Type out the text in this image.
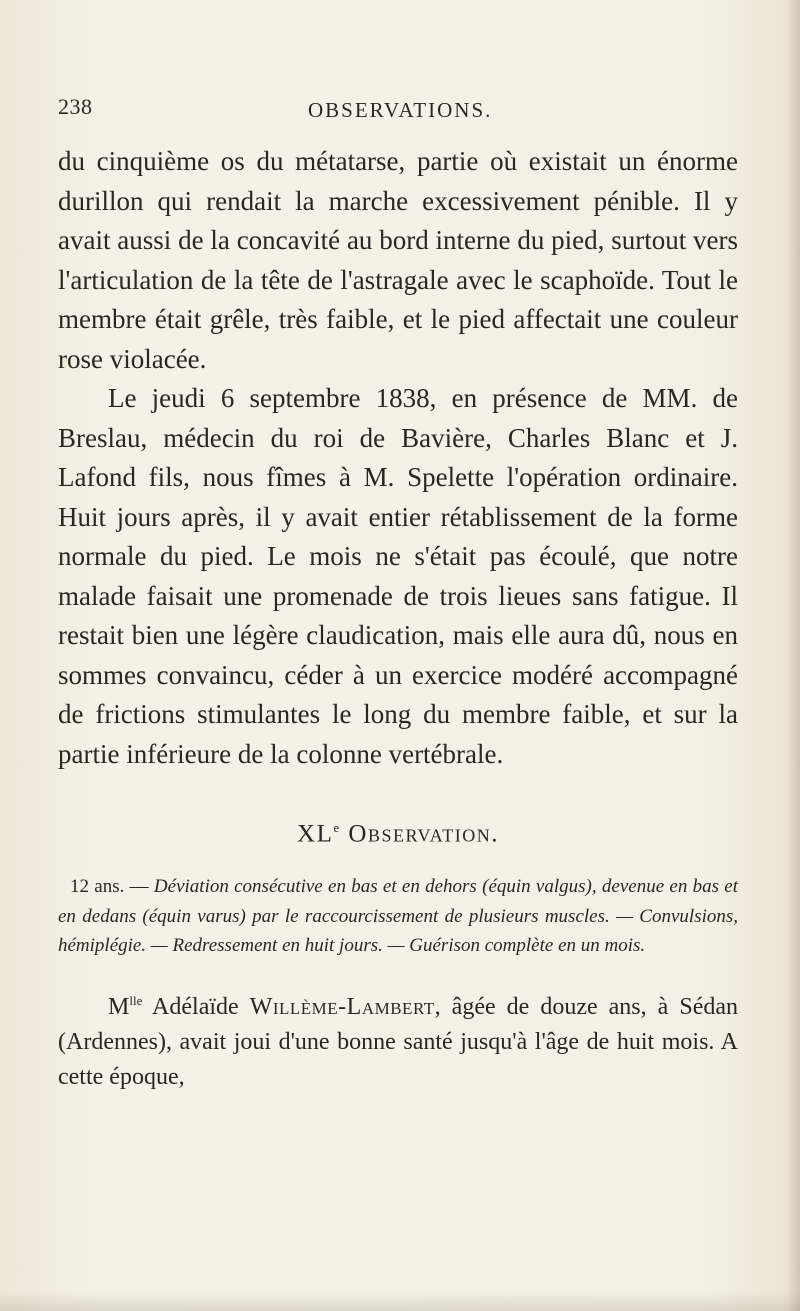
238	OBSERVATIONS.

du cinquième os du métatarse, partie où existait un énorme durillon qui rendait la marche excessivement pénible. Il y avait aussi de la concavité au bord interne du pied, surtout vers l'articulation de la tête de l'astragale avec le scaphoïde. Tout le membre était grêle, très faible, et le pied affectait une couleur rose violacée.

Le jeudi 6 septembre 1838, en présence de MM. de Breslau, médecin du roi de Bavière, Charles Blanc et J. Lafond fils, nous fîmes à M. Spelette l'opération ordinaire. Huit jours après, il y avait entier rétablissement de la forme normale du pied. Le mois ne s'était pas écoulé, que notre malade faisait une promenade de trois lieues sans fatigue. Il restait bien une légère claudication, mais elle aura dû, nous en sommes convaincu, céder à un exercice modéré accompagné de frictions stimulantes le long du membre faible, et sur la partie inférieure de la colonne vertébrale.

XLe Observation.

12 ans. — Déviation consécutive en bas et en dehors (équin valgus), devenue en bas et en dedans (équin varus) par le raccourcissement de plusieurs muscles. — Convulsions, hémiplégie. — Redressement en huit jours. — Guérison complète en un mois.

$M^{lle}$ Adélaïde Willème-Lambert, âgée de douze ans, à Sédan (Ardennes), avait joui d'une bonne santé jusqu'à l'âge de huit mois. A cette époque,
